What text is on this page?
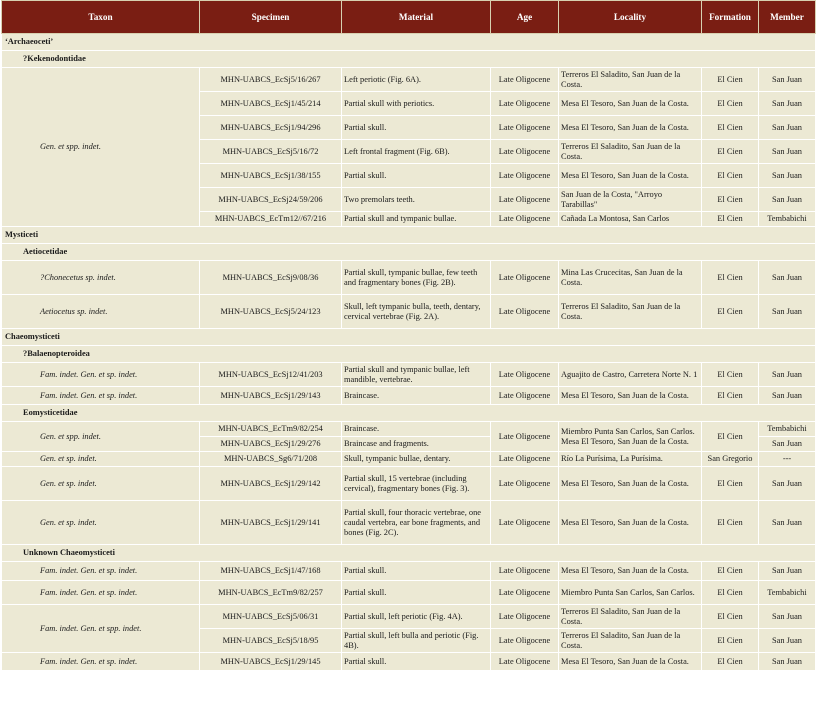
Taxon	Specimen	Material	Age	Locality	Formation	Member
‘Archaeoceti’						
?Kekenodontidae						
Gen. et spp. indet.	MHN-UABCS_EcSj5/16/267	Left periotic (Fig. 6A).	Late Oligocene	Terreros El Saladito, San Juan de la Costa.	El Cien	San Juan
	MHN-UABCS_EcSj1/45/214	Partial skull with periotics.	Late Oligocene	Mesa El Tesoro, San Juan de la Costa.	El Cien	San Juan
	MHN-UABCS_EcSj1/94/296	Partial skull.	Late Oligocene	Mesa El Tesoro, San Juan de la Costa.	El Cien	San Juan
	MHN-UABCS_EcSj5/16/72	Left frontal fragment (Fig. 6B).	Late Oligocene	Terreros El Saladito, San Juan de la Costa.	El Cien	San Juan
	MHN-UABCS_EcSj1/38/155	Partial skull.	Late Oligocene	Mesa El Tesoro, San Juan de la Costa.	El Cien	San Juan
	MHN-UABCS_EcSj24/59/206	Two premolars teeth.	Late Oligocene	San Juan de la Costa, "Arroyo Tarabillas"	El Cien	San Juan
	MHN-UABCS_EcTm12//67/216	Partial skull and tympanic bullae.	Late Oligocene	Cañada La Montosa, San Carlos	El Cien	Tembabichi
Mysticeti						
Aetiocetidae						
?Chonecetus sp. indet.	MHN-UABCS_EcSj9/08/36	Partial skull, tympanic bullae, few teeth and fragmentary bones (Fig. 2B).	Late Oligocene	Mina Las Crucecitas, San Juan de la Costa.	El Cien	San Juan
Aetiocetus sp. indet.	MHN-UABCS_EcSj5/24/123	Skull, left tympanic bulla, teeth, dentary, cervical vertebrae (Fig. 2A).	Late Oligocene	Terreros El Saladito, San Juan de la Costa.	El Cien	San Juan
Chaeomysticeti						
?Balaenopteroidea						
Fam. indet. Gen. et sp. indet.	MHN-UABCS_EcSj12/41/203	Partial skull and tympanic bullae, left mandible, vertebrae.	Late Oligocene	Aguajito de Castro, Carretera Norte N. 1	El Cien	San Juan
Fam. indet. Gen. et sp. indet.	MHN-UABCS_EcSj1/29/143	Braincase.	Late Oligocene	Mesa El Tesoro, San Juan de la Costa.	El Cien	San Juan
Eomysticetidae						
Gen. et spp. indet.	MHN-UABCS_EcTm9/82/254	Braincase.	Late Oligocene	Miembro Punta San Carlos, San Carlos. Mesa El Tesoro, San Juan de la Costa.	El Cien	Tembabichi
	MHN-UABCS_EcSj1/29/276	Braincase and fragments.				San Juan
Gen. et sp. indet.	MHN-UABCS_Sg6/71/208	Skull, tympanic bullae, dentary.	Late Oligocene	Río La Purísima, La Purísima.	San Gregorio	---
Gen. et sp. indet.	MHN-UABCS_EcSj1/29/142	Partial skull, 15 vertebrae (including cervical), fragmentary bones (Fig. 3).	Late Oligocene	Mesa El Tesoro, San Juan de la Costa.	El Cien	San Juan
Gen. et sp. indet.	MHN-UABCS_EcSj1/29/141	Partial skull, four thoracic vertebrae, one caudal vertebra, ear bone fragments, and bones (Fig. 2C).	Late Oligocene	Mesa El Tesoro, San Juan de la Costa.	El Cien	San Juan
Unknown Chaeomysticeti						
Fam. indet. Gen. et sp. indet.	MHN-UABCS_EcSj1/47/168	Partial skull.	Late Oligocene	Mesa El Tesoro, San Juan de la Costa.	El Cien	San Juan
Fam. indet. Gen. et sp. indet.	MHN-UABCS_EcTm9/82/257	Partial skull.	Late Oligocene	Miembro Punta San Carlos, San Carlos.	El Cien	Tembabichi
Fam. indet. Gen. et spp. indet.	MHN-UABCS_EcSj5/06/31	Partial skull, left periotic (Fig. 4A).	Late Oligocene	Terreros El Saladito, San Juan de la Costa.	El Cien	San Juan
	MHN-UABCS_EcSj5/18/95	Partial skull, left bulla and periotic (Fig. 4B).	Late Oligocene	Terreros El Saladito, San Juan de la Costa.	El Cien	San Juan
Fam. indet. Gen. et sp. indet.	MHN-UABCS_EcSj1/29/145	Partial skull.	Late Oligocene	Mesa El Tesoro, San Juan de la Costa.	El Cien	San Juan
